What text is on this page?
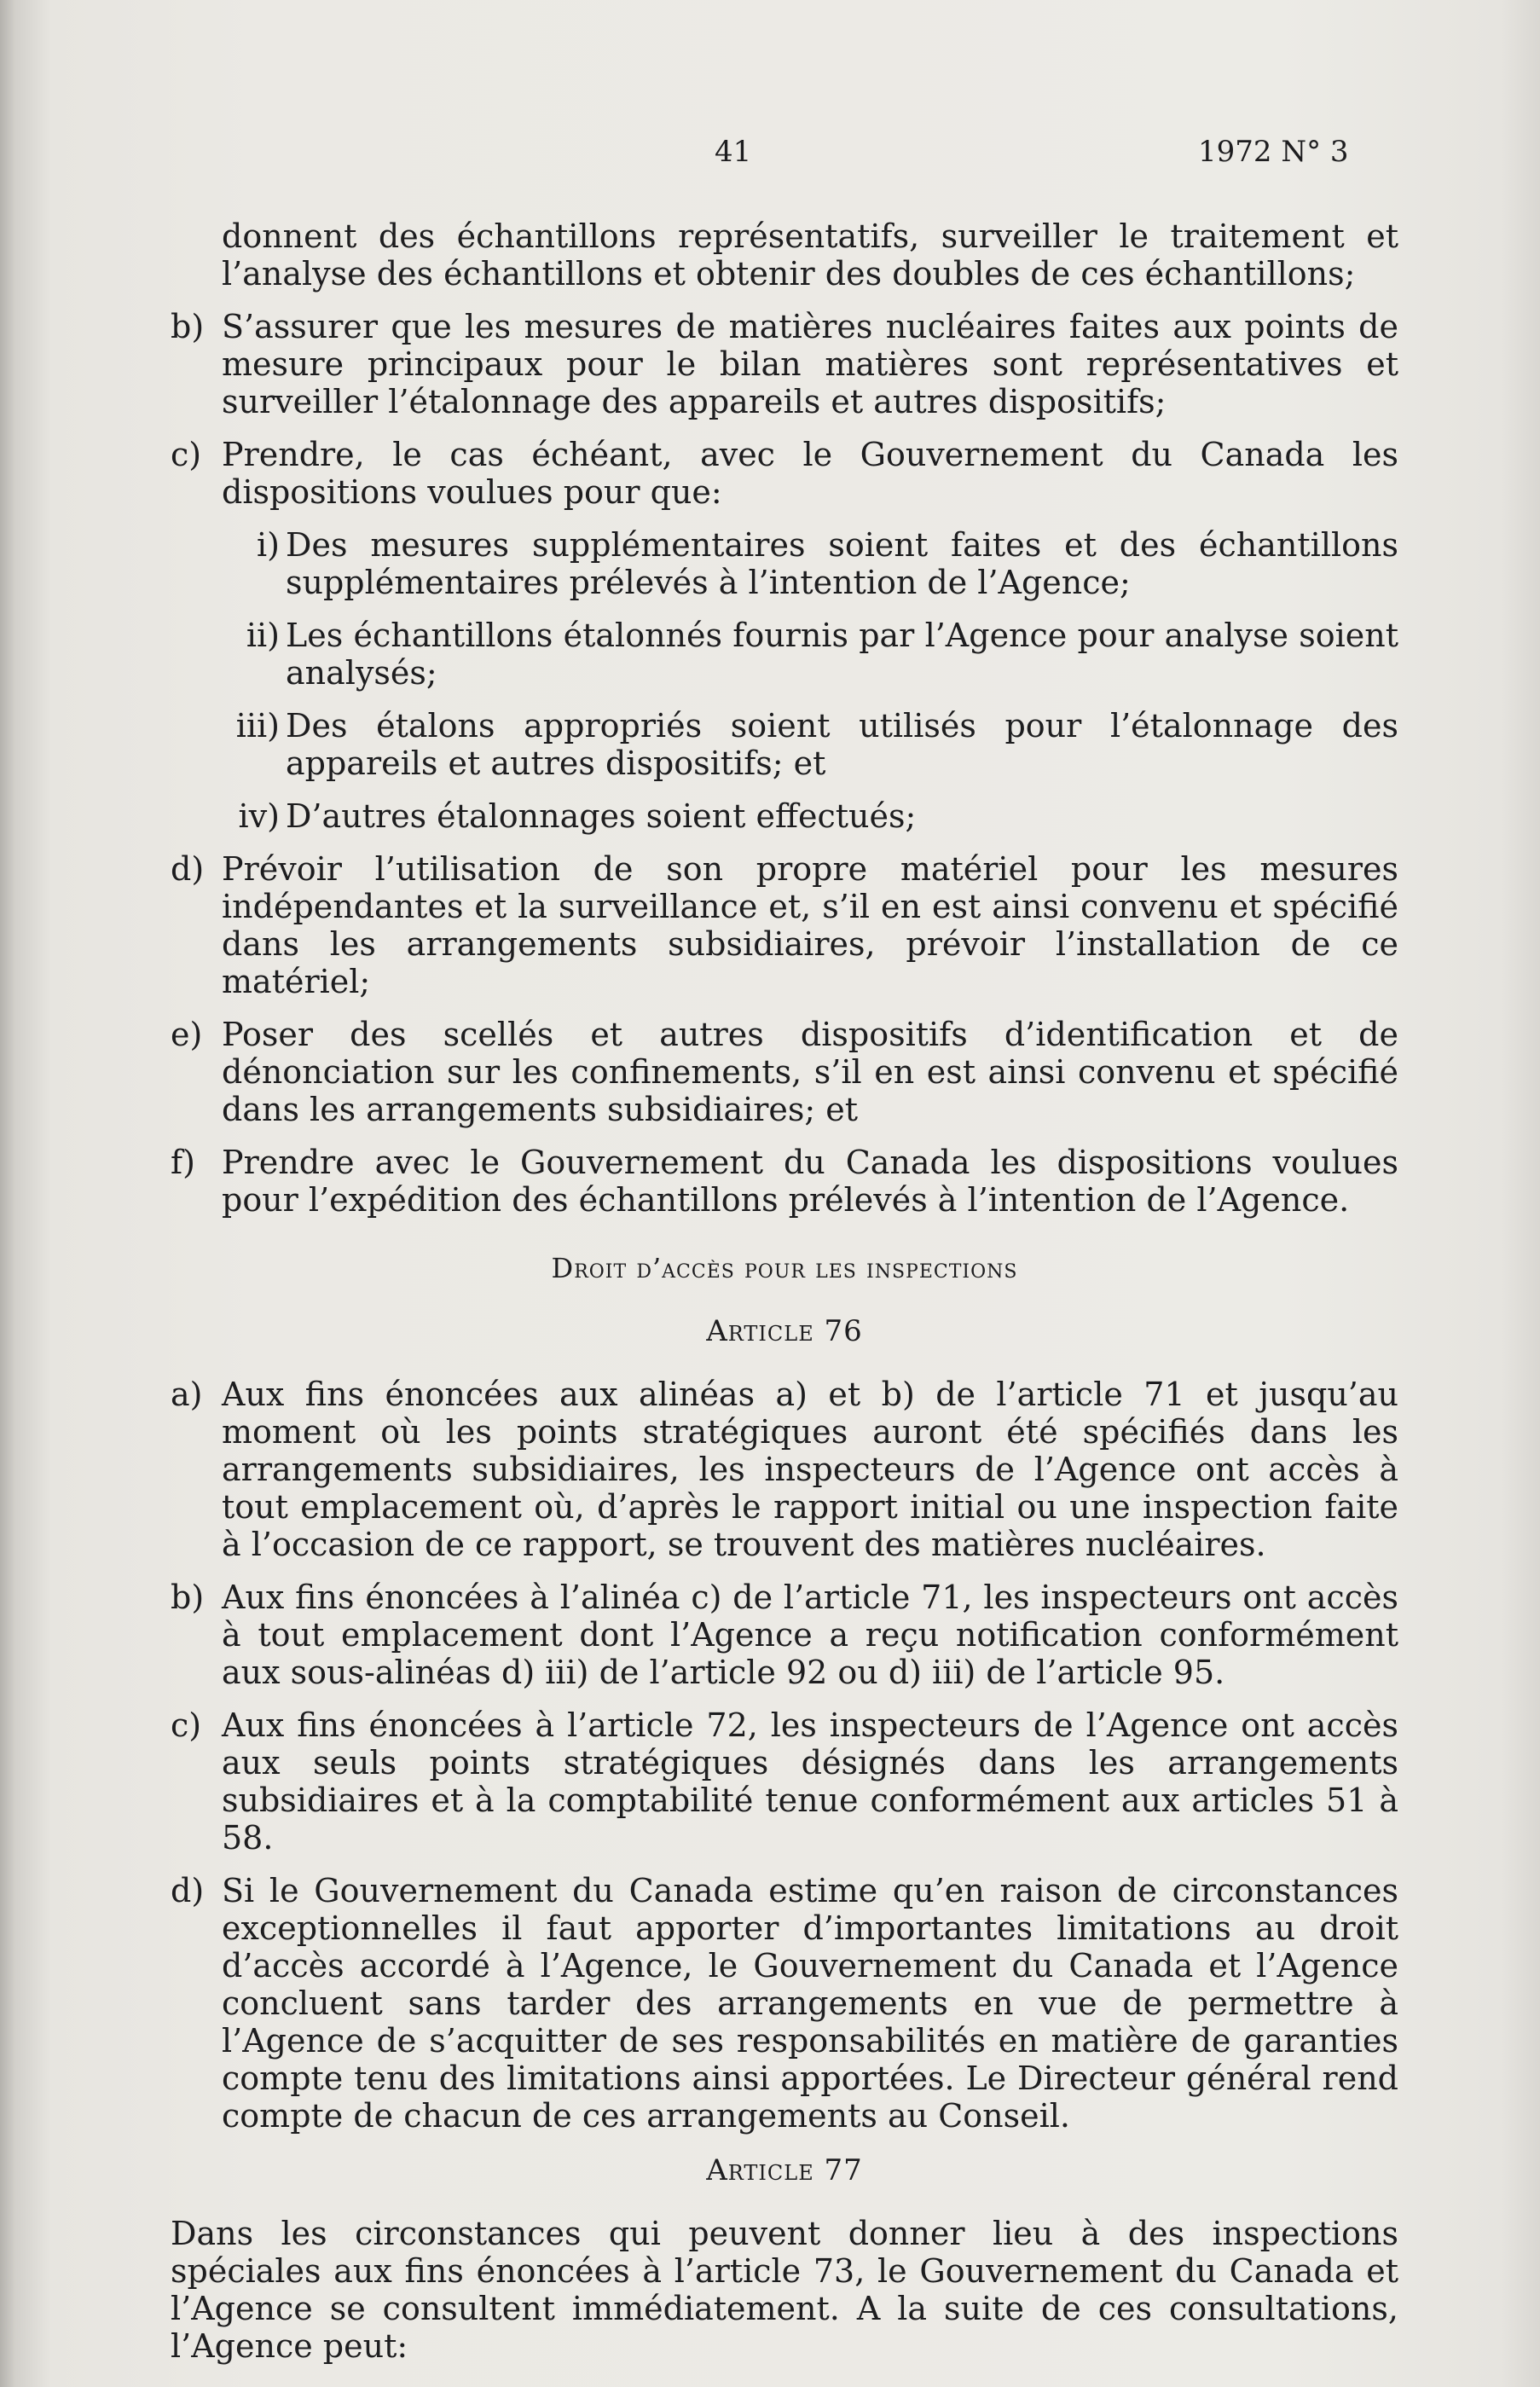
41	1972 N° 3
donnent des échantillons représentatifs, surveiller le traitement et l’analyse des échantillons et obtenir des doubles de ces échantillons;
b) S’assurer que les mesures de matières nucléaires faites aux points de mesure principaux pour le bilan matières sont représentatives et surveiller l’étalonnage des appareils et autres dispositifs;
c) Prendre, le cas échéant, avec le Gouvernement du Canada les dispositions voulues pour que:
i) Des mesures supplémentaires soient faites et des échantillons supplémentaires prélevés à l’intention de l’Agence;
ii) Les échantillons étalonnés fournis par l’Agence pour analyse soient analysés;
iii) Des étalons appropriés soient utilisés pour l’étalonnage des appareils et autres dispositifs; et
iv) D’autres étalonnages soient effectués;
d) Prévoir l’utilisation de son propre matériel pour les mesures indépendantes et la surveillance et, s’il en est ainsi convenu et spécifié dans les arrangements subsidiaires, prévoir l’installation de ce matériel;
e) Poser des scellés et autres dispositifs d’identification et de dénonciation sur les confinements, s’il en est ainsi convenu et spécifié dans les arrangements subsidiaires; et
f) Prendre avec le Gouvernement du Canada les dispositions voulues pour l’expédition des échantillons prélevés à l’intention de l’Agence.
Droit d’accès pour les inspections
Article 76
a) Aux fins énoncées aux alinéas a) et b) de l’article 71 et jusqu’au moment où les points stratégiques auront été spécifiés dans les arrangements subsidiaires, les inspecteurs de l’Agence ont accès à tout emplacement où, d’après le rapport initial ou une inspection faite à l’occasion de ce rapport, se trouvent des matières nucléaires.
b) Aux fins énoncées à l’alinéa c) de l’article 71, les inspecteurs ont accès à tout emplacement dont l’Agence a reçu notification conformément aux sous-alinéas d) iii) de l’article 92 ou d) iii) de l’article 95.
c) Aux fins énoncées à l’article 72, les inspecteurs de l’Agence ont accès aux seuls points stratégiques désignés dans les arrangements subsidiaires et à la comptabilité tenue conformément aux articles 51 à 58.
d) Si le Gouvernement du Canada estime qu’en raison de circonstances exceptionnelles il faut apporter d’importantes limitations au droit d’accès accordé à l’Agence, le Gouvernement du Canada et l’Agence concluent sans tarder des arrangements en vue de permettre à l’Agence de s’acquitter de ses responsabilités en matière de garanties compte tenu des limitations ainsi apportées. Le Directeur général rend compte de chacun de ces arrangements au Conseil.
Article 77
Dans les circonstances qui peuvent donner lieu à des inspections spéciales aux fins énoncées à l’article 73, le Gouvernement du Canada et l’Agence se consultent immédiatement. A la suite de ces consultations, l’Agence peut:
